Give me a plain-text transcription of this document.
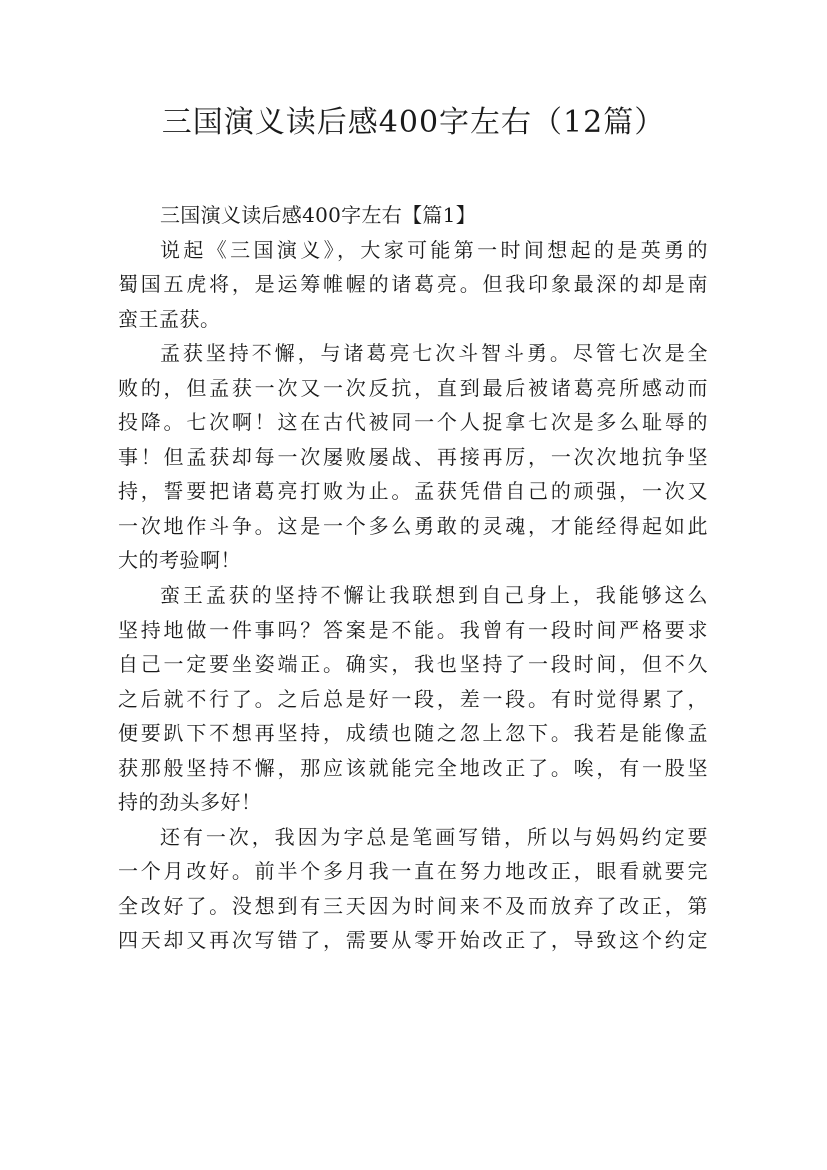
三国演义读后感400字左右（12篇）
三国演义读后感400字左右【篇1】
说起《三国演义》，大家可能第一时间想起的是英勇的
蜀国五虎将，是运筹帷幄的诸葛亮。但我印象最深的却是南
蛮王孟获。
孟获坚持不懈，与诸葛亮七次斗智斗勇。尽管七次是全
败的，但孟获一次又一次反抗，直到最后被诸葛亮所感动而
投降。七次啊！这在古代被同一个人捉拿七次是多么耻辱的
事！但孟获却每一次屡败屡战、再接再厉，一次次地抗争坚
持，誓要把诸葛亮打败为止。孟获凭借自己的顽强，一次又
一次地作斗争。这是一个多么勇敢的灵魂，才能经得起如此
大的考验啊！
蛮王孟获的坚持不懈让我联想到自己身上，我能够这么
坚持地做一件事吗？答案是不能。我曾有一段时间严格要求
自己一定要坐姿端正。确实，我也坚持了一段时间，但不久
之后就不行了。之后总是好一段，差一段。有时觉得累了，
便要趴下不想再坚持，成绩也随之忽上忽下。我若是能像孟
获那般坚持不懈，那应该就能完全地改正了。唉，有一股坚
持的劲头多好！
还有一次，我因为字总是笔画写错，所以与妈妈约定要
一个月改好。前半个多月我一直在努力地改正，眼看就要完
全改好了。没想到有三天因为时间来不及而放弃了改正，第
四天却又再次写错了，需要从零开始改正了，导致这个约定
